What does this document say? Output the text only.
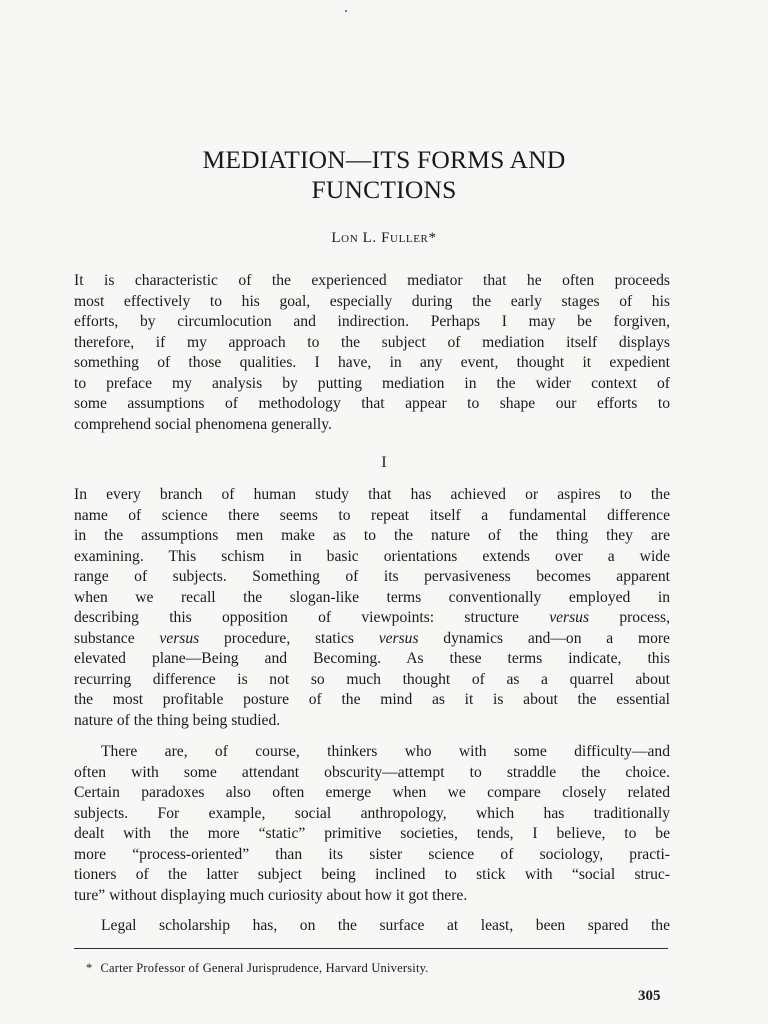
MEDIATION—ITS FORMS AND
FUNCTIONS
Lon L. Fuller*

It is characteristic of the experienced mediator that he often proceeds
most effectively to his goal, especially during the early stages of his
efforts, by circumlocution and indirection. Perhaps I may be forgiven,
therefore, if my approach to the subject of mediation itself displays
something of those qualities. I have, in any event, thought it expedient
to preface my analysis by putting mediation in the wider context of
some assumptions of methodology that appear to shape our efforts to
comprehend social phenomena generally.

I

In every branch of human study that has achieved or aspires to the
name of science there seems to repeat itself a fundamental difference
in the assumptions men make as to the nature of the thing they are
examining. This schism in basic orientations extends over a wide
range of subjects. Something of its pervasiveness becomes apparent
when we recall the slogan-like terms conventionally employed in
describing this opposition of viewpoints: structure versus process,
substance versus procedure, statics versus dynamics and—on a more
elevated plane—Being and Becoming. As these terms indicate, this
recurring difference is not so much thought of as a quarrel about
the most profitable posture of the mind as it is about the essential
nature of the thing being studied.

There are, of course, thinkers who with some difficulty—and
often with some attendant obscurity—attempt to straddle the choice.
Certain paradoxes also often emerge when we compare closely related
subjects. For example, social anthropology, which has traditionally
dealt with the more “static” primitive societies, tends, I believe, to be
more “process-oriented” than its sister science of sociology, practi-
tioners of the latter subject being inclined to stick with “social struc-
ture” without displaying much curiosity about how it got there.

Legal scholarship has, on the surface at least, been spared the

* Carter Professor of General Jurisprudence, Harvard University.
305
